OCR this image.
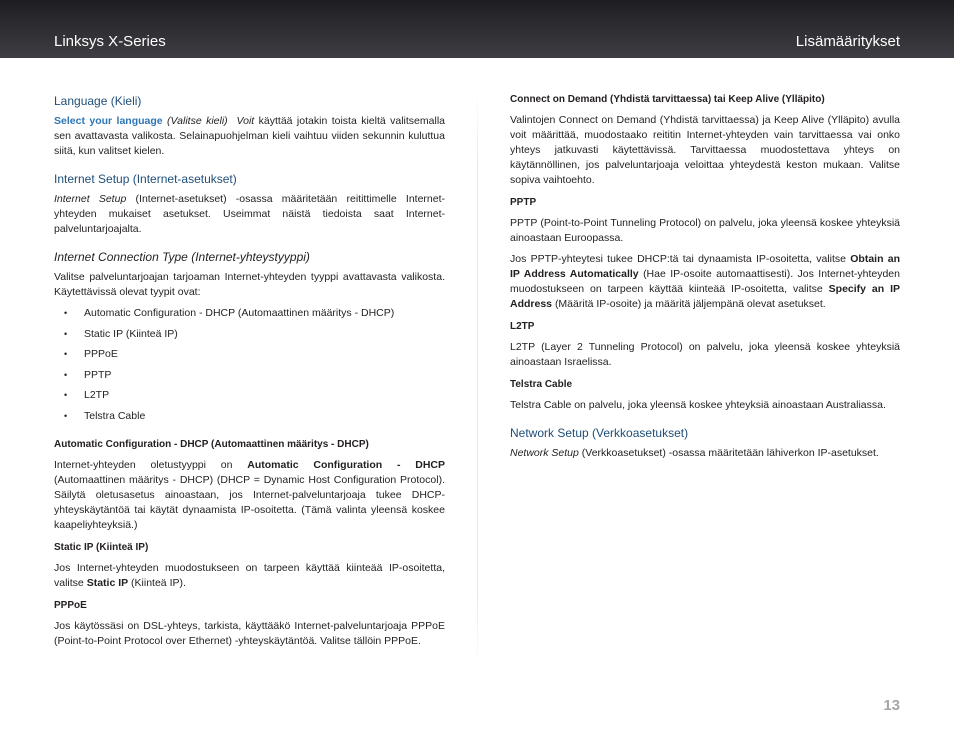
Linksys X-Series	Lisämääritykset
Language (Kieli)

Select your language (Valitse kieli) Voit käyttää jotakin toista kieltä valitsemalla sen avattavasta valikosta. Selainapuohjelman kieli vaihtuu viiden sekunnin kuluttua siitä, kun valitset kielen.

Internet Setup (Internet-asetukset)

Internet Setup (Internet-asetukset) -osassa määritetään reitittimelle Internet-yhteyden mukaiset asetukset. Useimmat näistä tiedoista saat Internet-palveluntarjoajalta.

Internet Connection Type (Internet-yhteystyyppi)

Valitse palveluntarjoajan tarjoaman Internet-yhteyden tyyppi avattavasta valikosta. Käytettävissä olevat tyypit ovat:

• Automatic Configuration - DHCP (Automaattinen määritys - DHCP)
• Static IP (Kiinteä IP)
• PPPoE
• PPTP
• L2TP
• Telstra Cable
Automatic Configuration - DHCP (Automaattinen määritys - DHCP)

Internet-yhteyden oletustyyppi on Automatic Configuration - DHCP (Automaattinen määritys - DHCP) (DHCP = Dynamic Host Configuration Protocol). Säilytä oletusasetus ainoastaan, jos Internet-palveluntarjoaja tukee DHCP-yhteyskäytäntöä tai käytät dynaamista IP-osoitetta. (Tämä valinta yleensä koskee kaapeliyhteyksiä.)

Static IP (Kiinteä IP)

Jos Internet-yhteyden muodostukseen on tarpeen käyttää kiinteää IP-osoitetta, valitse Static IP (Kiinteä IP).

PPPoE

Jos käytössäsi on DSL-yhteys, tarkista, käyttääkö Internet-palveluntarjoaja PPPoE (Point-to-Point Protocol over Ethernet) -yhteyskäytäntöä. Valitse tällöin PPPoE.

Connect on Demand (Yhdistä tarvittaessa) tai Keep Alive (Ylläpito)

Valintojen Connect on Demand (Yhdistä tarvittaessa) ja Keep Alive (Ylläpito) avulla voit määrittää, muodostaako reititin Internet-yhteyden vain tarvittaessa vai onko yhteys jatkuvasti käytettävissä. Tarvittaessa muodostettava yhteys on käytännöllinen, jos palveluntarjoaja veloittaa yhteydestä keston mukaan. Valitse sopiva vaihtoehto.

PPTP

PPTP (Point-to-Point Tunneling Protocol) on palvelu, joka yleensä koskee yhteyksiä ainoastaan Euroopassa.

Jos PPTP-yhteytesi tukee DHCP:tä tai dynaamista IP-osoitetta, valitse Obtain an IP Address Automatically (Hae IP-osoite automaattisesti). Jos Internet-yhteyden muodostukseen on tarpeen käyttää kiinteää IP-osoitetta, valitse Specify an IP Address (Määritä IP-osoite) ja määritä jäljempänä olevat asetukset.

L2TP

L2TP (Layer 2 Tunneling Protocol) on palvelu, joka yleensä koskee yhteyksiä ainoastaan Israelissa.

Telstra Cable

Telstra Cable on palvelu, joka yleensä koskee yhteyksiä ainoastaan Australiassa.

Network Setup (Verkkoasetukset)

Network Setup (Verkkoasetukset) -osassa määritetään lähiverkon IP-asetukset.

13
